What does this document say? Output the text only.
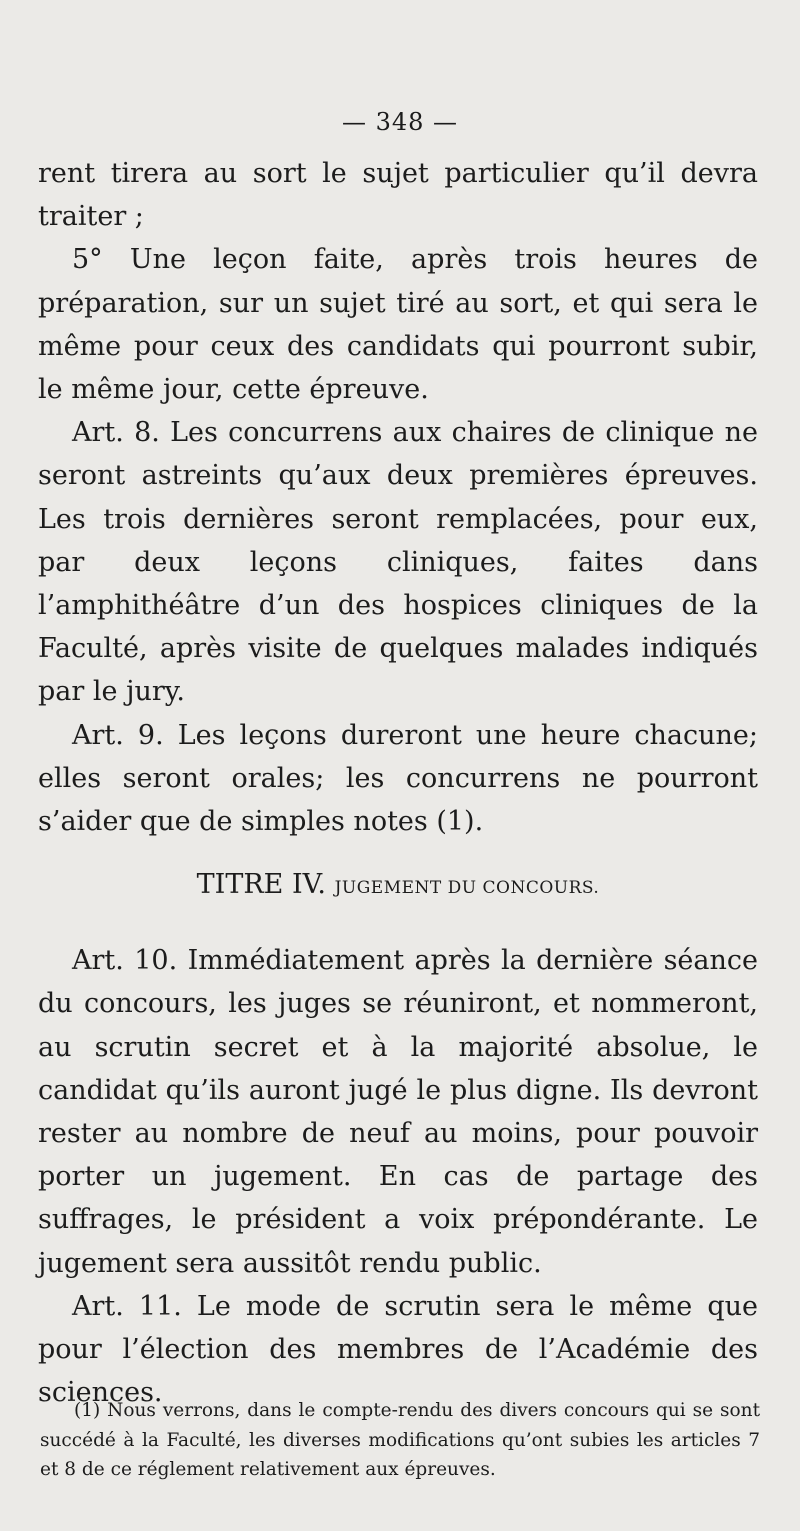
— 348 —

rent tirera au sort le sujet particulier qu’il devra traiter ;

5° Une leçon faite, après trois heures de préparation, sur un sujet tiré au sort, et qui sera le même pour ceux des candidats qui pourront subir, le même jour, cette épreuve.

Art. 8. Les concurrens aux chaires de clinique ne seront astreints qu’aux deux premières épreuves. Les trois dernières seront remplacées, pour eux, par deux leçons cliniques, faites dans l’amphithéâtre d’un des hospices cliniques de la Faculté, après visite de quelques malades indiqués par le jury.

Art. 9. Les leçons dureront une heure chacune; elles seront orales; les concurrens ne pourront s’aider que de simples notes (1).

TITRE IV. JUGEMENT DU CONCOURS.

Art. 10. Immédiatement après la dernière séance du concours, les juges se réuniront, et nommeront, au scrutin secret et à la majorité absolue, le candidat qu’ils auront jugé le plus digne. Ils devront rester au nombre de neuf au moins, pour pouvoir porter un jugement. En cas de partage des suffrages, le président a voix prépondérante. Le jugement sera aussitôt rendu public.

Art. 11. Le mode de scrutin sera le même que pour l’élection des membres de l’Académie des sciences.

(1) Nous verrons, dans le compte-rendu des divers concours qui se sont succédé à la Faculté, les diverses modifications qu’ont subies les articles 7 et 8 de ce réglement relativement aux épreuves.
